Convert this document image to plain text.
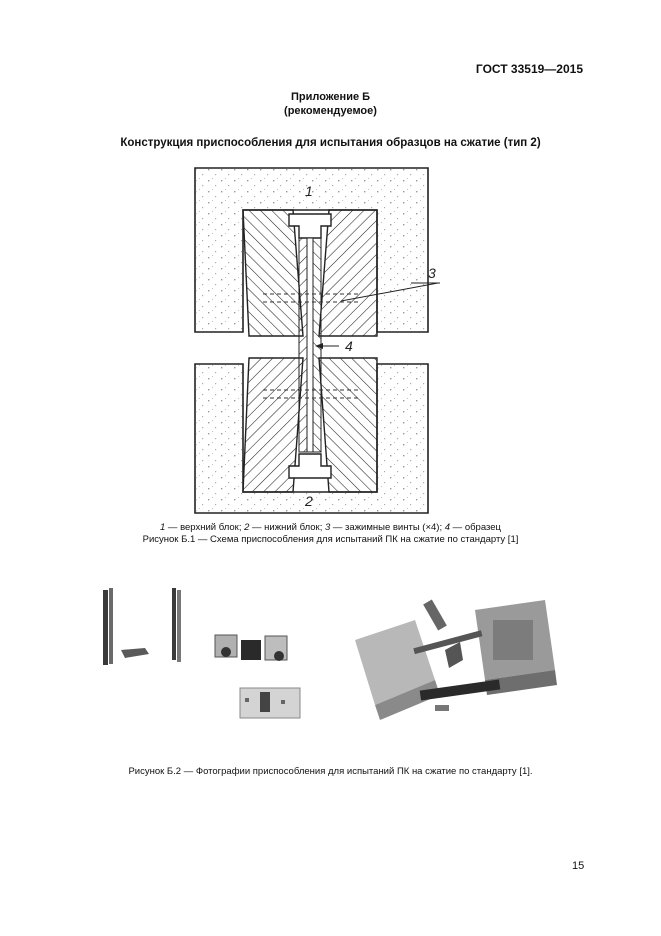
ГОСТ 33519—2015
Приложение Б
(рекомендуемое)
Конструкция приспособления для испытания образцов на сжатие (тип 2)
1
2
3
4
1 — верхний блок; 2 — нижний блок; 3 — зажимные винты (×4); 4 — образец
Рисунок Б.1 — Схема приспособления для испытаний ПК на сжатие по стандарту [1]
Рисунок Б.2 — Фотографии приспособления для испытаний ПК на сжатие по стандарту [1].
15
